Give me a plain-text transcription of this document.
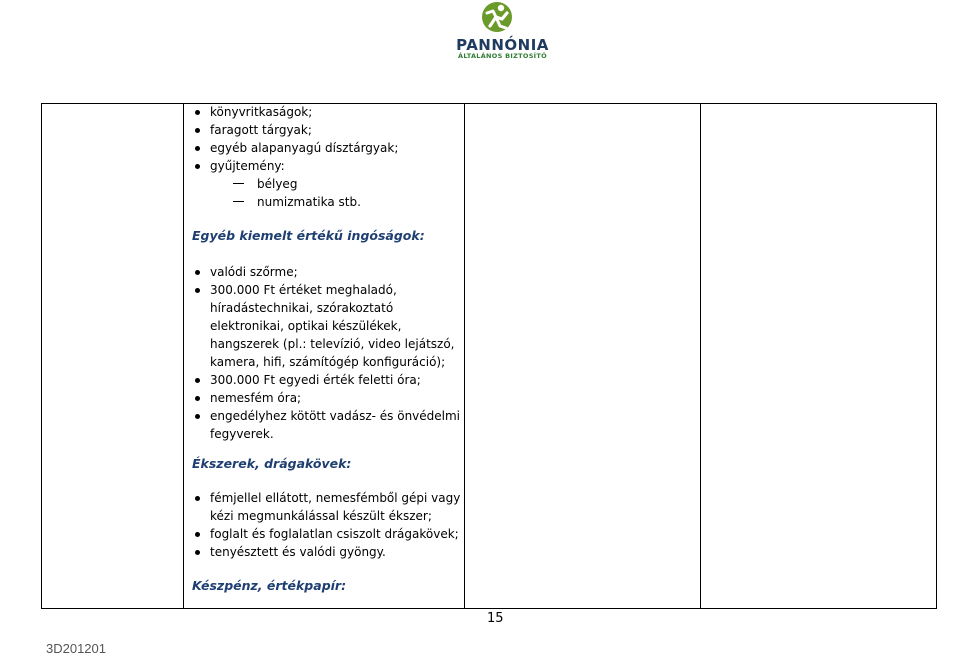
PANNÓNIA
ÁLTALÁNOS BIZTOSÍTÓ
könyvritkaságok;
faragott tárgyak;
egyéb alapanyagú dísztárgyak;
gyűjtemény:
bélyeg
numizmatika stb.
Egyéb kiemelt értékű ingóságok:
valódi szőrme;
300.000 Ft értéket meghaladó,
híradástechnikai, szórakoztató
elektronikai, optikai készülékek,
hangszerek (pl.: televízió, video lejátszó,
kamera, hifi, számítógép konfiguráció);
300.000 Ft egyedi érték feletti óra;
nemesfém óra;
engedélyhez kötött vadász- és önvédelmi
fegyverek.
Ékszerek, drágakövek:
fémjellel ellátott, nemesfémből gépi vagy
kézi megmunkálással készült ékszer;
foglalt és foglalatlan csiszolt drágakövek;
tenyésztett és valódi gyöngy.
Készpénz, értékpapír:
15
3D201201
